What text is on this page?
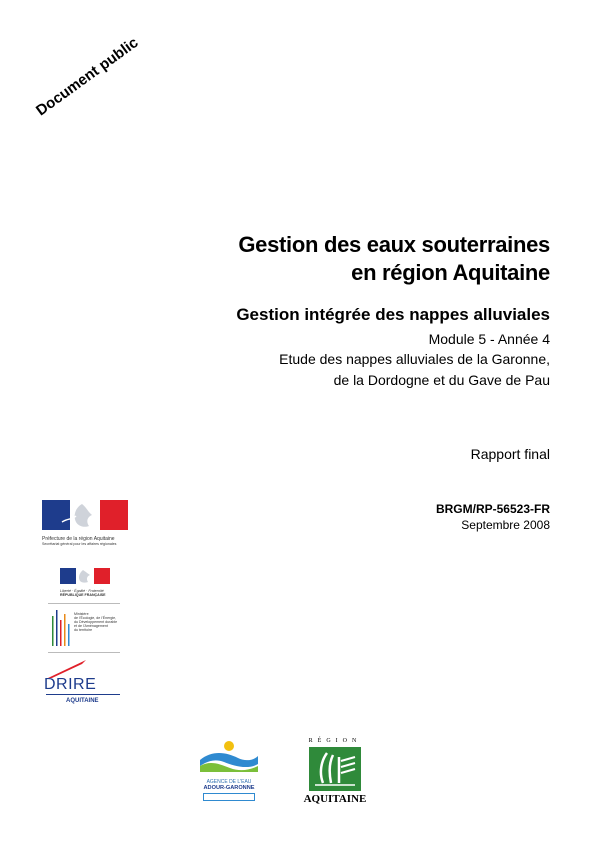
Document public
Gestion des eaux souterraines
en région Aquitaine
Gestion intégrée des nappes alluviales
Module 5 - Année 4
Etude des nappes alluviales de la Garonne,
de la Dordogne et du Gave de Pau
Rapport final
BRGM/RP-56523-FR
Septembre 2008
Préfecture de la région Aquitaine
Secrétariat général pour les affaires régionales
Liberté · Égalité · Fraternité
RÉPUBLIQUE FRANÇAISE
Ministère
de l'Écologie, de l'Énergie,
du Développement durable
et de l'Aménagement
du territoire
DRIRE
AQUITAINE
AGENCE DE L'EAU
ADOUR-GARONNE
RÉGION
AQUITAINE
